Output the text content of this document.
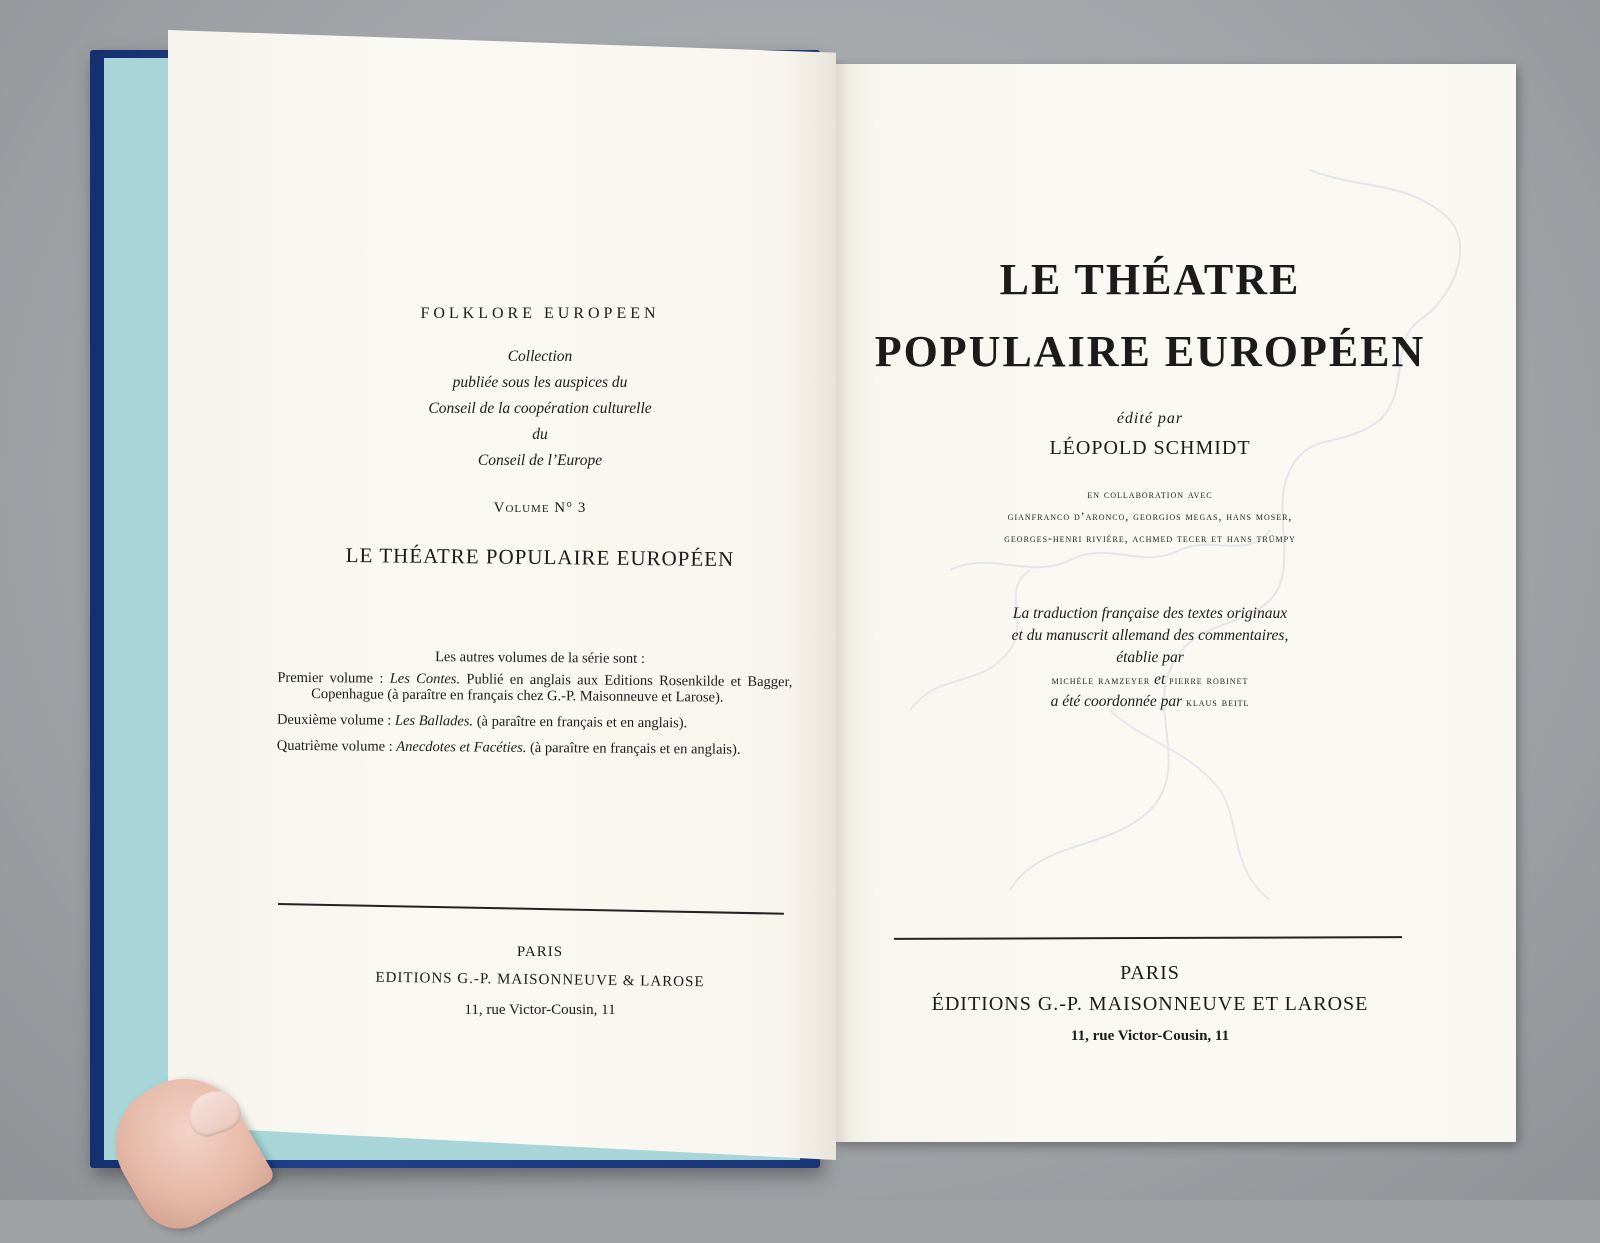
FOLKLORE EUROPEEN
Collection
publiée sous les auspices du
Conseil de la coopération culturelle
du
Conseil de l’Europe
Volume N° 3
LE THÉATRE POPULAIRE EUROPÉEN
Les autres volumes de la série sont :
Premier volume : Les Contes. Publié en anglais aux Editions Rosenkilde et Bagger, Copenhague (à paraître en français chez G.-P. Maisonneuve et Larose).
Deuxième volume : Les Ballades. (à paraître en français et en anglais).
Quatrième volume : Anecdotes et Facéties. (à paraître en français et en anglais).
PARIS
EDITIONS G.-P. MAISONNEUVE & LAROSE
11, rue Victor-Cousin, 11
LE THÉATRE
POPULAIRE EUROPÉEN
édité par
LÉOPOLD SCHMIDT
en collaboration avec
gianfranco d’aronco, georgios megas, hans moser,
georges-henri rivière, achmed tecer et hans trümpy
La traduction française des textes originaux
et du manuscrit allemand des commentaires,
établie par
michèle ramzeyer et pierre robinet
a été coordonnée par klaus beitl
PARIS
ÉDITIONS G.-P. MAISONNEUVE ET LAROSE
11, rue Victor-Cousin, 11
